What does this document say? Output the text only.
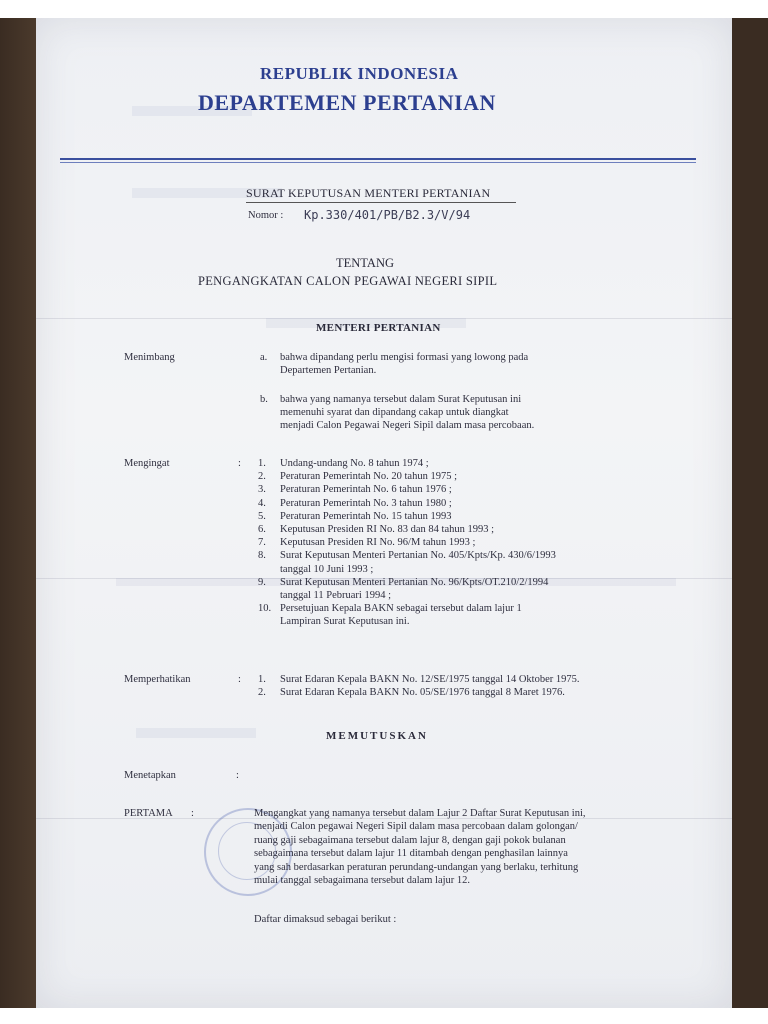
REPUBLIK INDONESIA
DEPARTEMEN PERTANIAN
SURAT KEPUTUSAN MENTERI PERTANIAN
Nomor : Kp.330/401/PB/B2.3/V/94
TENTANG
PENGANGKATAN CALON PEGAWAI NEGERI SIPIL
MENTERI PERTANIAN
Menimbang	a. bahwa dipandang perlu mengisi formasi yang lowong pada
Departemen Pertanian.
b. bahwa yang namanya tersebut dalam Surat Keputusan ini
memenuhi syarat dan dipandang cakap untuk diangkat
menjadi Calon Pegawai Negeri Sipil dalam masa percobaan.
Mengingat	: 1. Undang-undang No. 8 tahun 1974 ;
2. Peraturan Pemerintah No. 20 tahun 1975 ;
3. Peraturan Pemerintah No. 6 tahun 1976 ;
4. Peraturan Pemerintah No. 3 tahun 1980 ;
5. Peraturan Pemerintah No. 15 tahun 1993
6. Keputusan Presiden RI No. 83 dan 84 tahun 1993 ;
7. Keputusan Presiden RI No. 96/M tahun 1993 ;
8. Surat Keputusan Menteri Pertanian No. 405/Kpts/Kp. 430/6/1993
tanggal 10 Juni 1993 ;
9. Surat Keputusan Menteri Pertanian No. 96/Kpts/OT.210/2/1994
tanggal 11 Pebruari 1994 ;
10. Persetujuan Kepala BAKN sebagai tersebut dalam lajur 1
Lampiran Surat Keputusan ini.
Memperhatikan	: 1. Surat Edaran Kepala BAKN No. 12/SE/1975 tanggal 14 Oktober 1975.
2. Surat Edaran Kepala BAKN No. 05/SE/1976 tanggal 8 Maret 1976.
MEMUTUSKAN
Menetapkan	:
PERTAMA :	Mengangkat yang namanya tersebut dalam Lajur 2 Daftar Surat Keputusan ini,
menjadi Calon pegawai Negeri Sipil dalam masa percobaan dalam golongan/
ruang gaji sebagaimana tersebut dalam lajur 8, dengan gaji pokok bulanan
sebagaimana tersebut dalam lajur 11 ditambah dengan penghasilan lainnya
yang sah berdasarkan peraturan perundang-undangan yang berlaku, terhitung
mulai tanggal sebagaimana tersebut dalam lajur 12.
Daftar dimaksud sebagai berikut :
